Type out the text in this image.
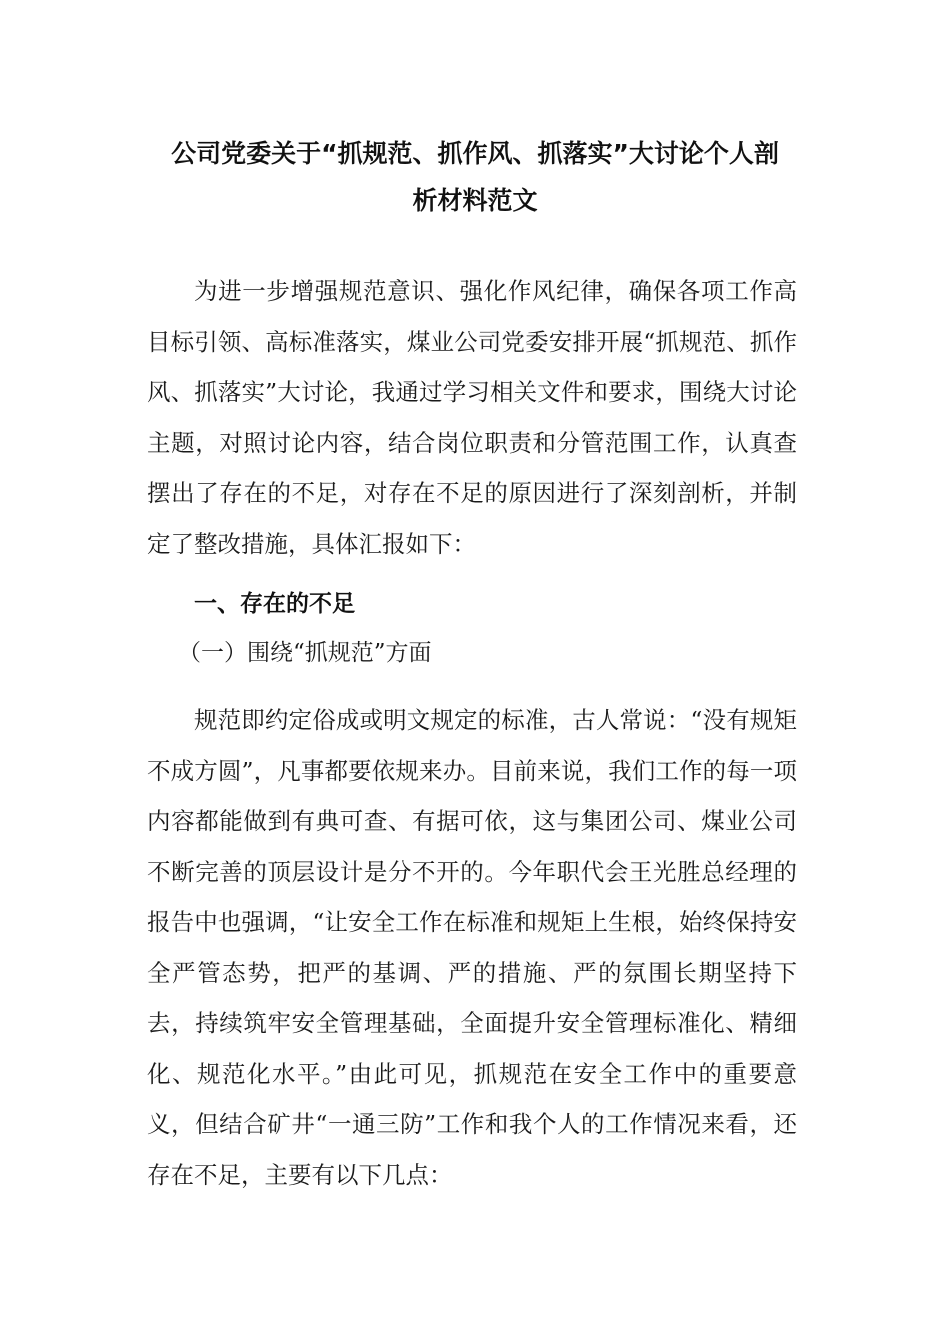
公司党委关于“抓规范、抓作风、抓落实”大讨论个人剖
析材料范文

为进一步增强规范意识、强化作风纪律，确保各项工作高目标引领、高标准落实，煤业公司党委安排开展“抓规范、抓作风、抓落实”大讨论，我通过学习相关文件和要求，围绕大讨论主题，对照讨论内容，结合岗位职责和分管范围工作，认真查摆出了存在的不足，对存在不足的原因进行了深刻剖析，并制定了整改措施，具体汇报如下：

一、存在的不足
（一）围绕“抓规范”方面

规范即约定俗成或明文规定的标准，古人常说：“没有规矩不成方圆”，凡事都要依规来办。目前来说，我们工作的每一项内容都能做到有典可查、有据可依，这与集团公司、煤业公司不断完善的顶层设计是分不开的。今年职代会王光胜总经理的报告中也强调，“让安全工作在标准和规矩上生根，始终保持安全严管态势，把严的基调、严的措施、严的氛围长期坚持下去，持续筑牢安全管理基础，全面提升安全管理标准化、精细化、规范化水平。”由此可见，抓规范在安全工作中的重要意义，但结合矿井“一通三防”工作和我个人的工作情况来看，还存在不足，主要有以下几点：
